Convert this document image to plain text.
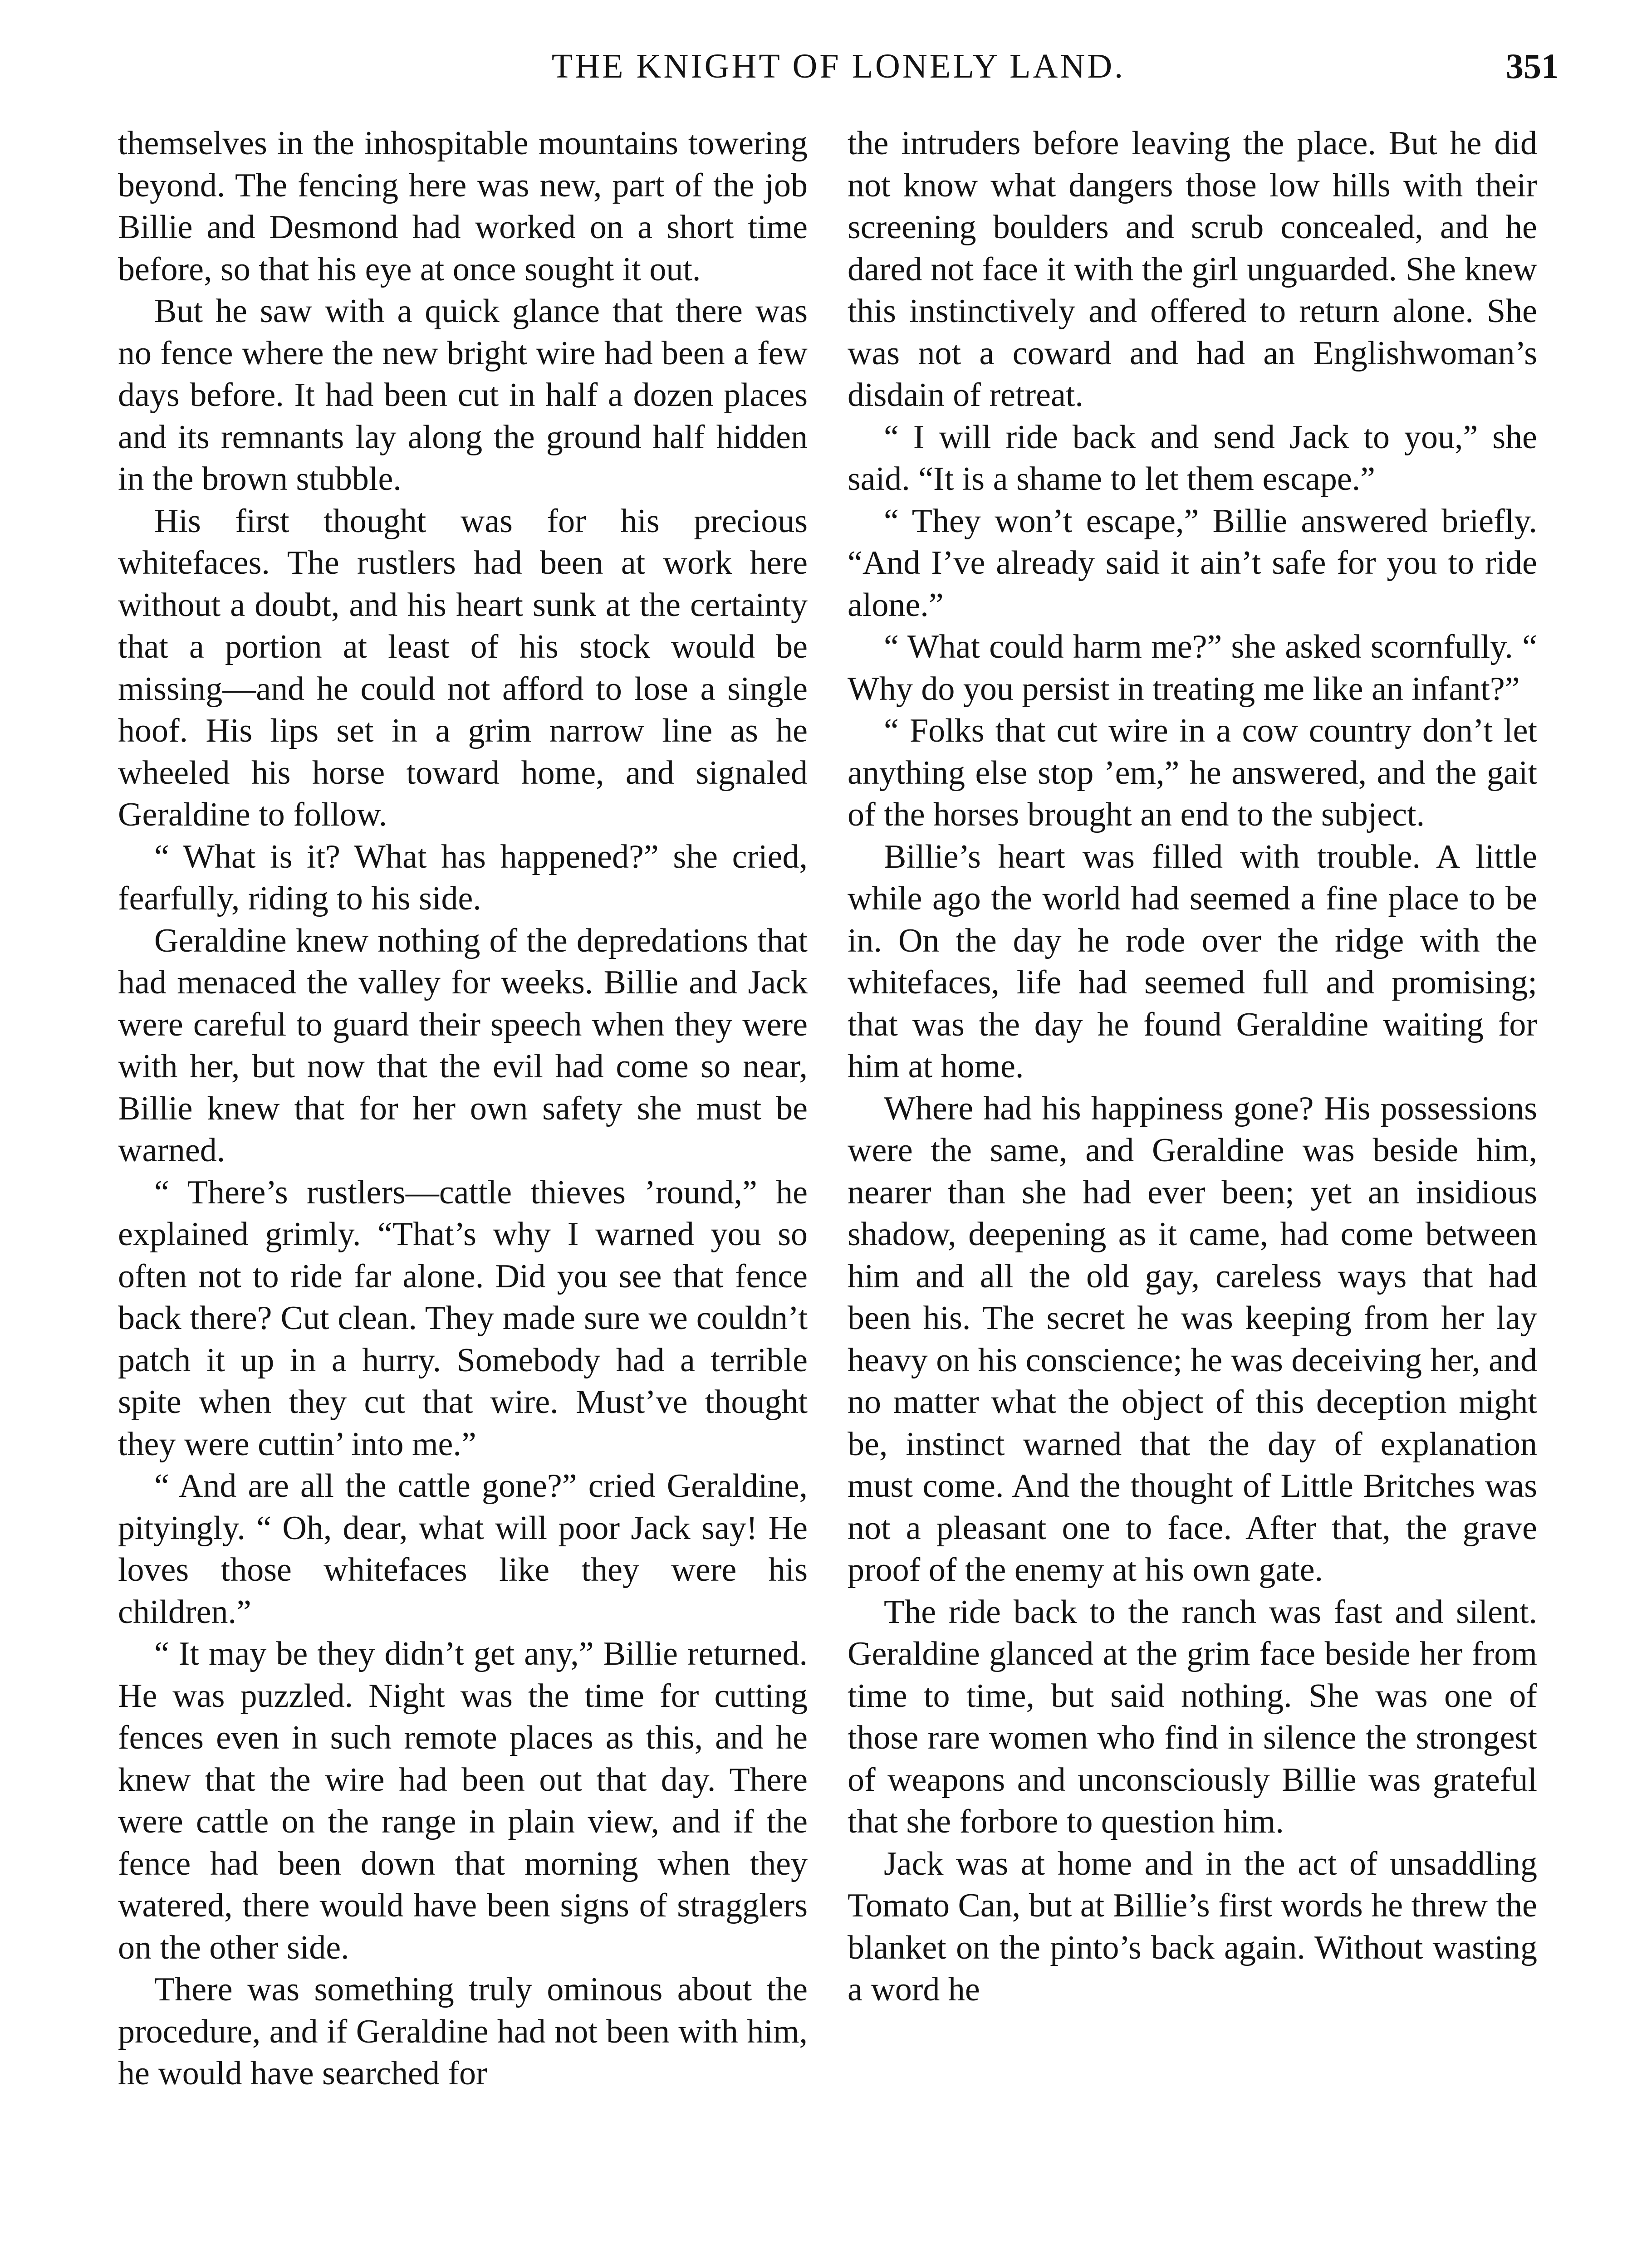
THE KNIGHT OF LONELY LAND.	351

themselves in the inhospitable mountains towering beyond. The fencing here was new, part of the job Billie and Desmond had worked on a short time before, so that his eye at once sought it out.

But he saw with a quick glance that there was no fence where the new bright wire had been a few days before. It had been cut in half a dozen places and its remnants lay along the ground half hidden in the brown stubble.

His first thought was for his precious whitefaces. The rustlers had been at work here without a doubt, and his heart sunk at the certainty that a portion at least of his stock would be missing—and he could not afford to lose a single hoof. His lips set in a grim narrow line as he wheeled his horse toward home, and signaled Geraldine to follow.

“ What is it? What has happened?” she cried, fearfully, riding to his side.

Geraldine knew nothing of the depredations that had menaced the valley for weeks. Billie and Jack were careful to guard their speech when they were with her, but now that the evil had come so near, Billie knew that for her own safety she must be warned.

“ There’s rustlers—cattle thieves ’round,” he explained grimly. “That’s why I warned you so often not to ride far alone. Did you see that fence back there? Cut clean. They made sure we couldn’t patch it up in a hurry. Somebody had a terrible spite when they cut that wire. Must’ve thought they were cuttin’ into me.”

“ And are all the cattle gone?” cried Geraldine, pityingly. “ Oh, dear, what will poor Jack say! He loves those whitefaces like they were his children.”

“ It may be they didn’t get any,” Billie returned. He was puzzled. Night was the time for cutting fences even in such remote places as this, and he knew that the wire had been out that day. There were cattle on the range in plain view, and if the fence had been down that morning when they watered, there would have been signs of stragglers on the other side.

There was something truly ominous about the procedure, and if Geraldine had not been with him, he would have searched for

the intruders before leaving the place. But he did not know what dangers those low hills with their screening boulders and scrub concealed, and he dared not face it with the girl unguarded. She knew this instinctively and offered to return alone. She was not a coward and had an Englishwoman’s disdain of retreat.

“ I will ride back and send Jack to you,” she said. “It is a shame to let them escape.”

“ They won’t escape,” Billie answered briefly. “And I’ve already said it ain’t safe for you to ride alone.”

“ What could harm me?” she asked scornfully. “ Why do you persist in treating me like an infant?”

“ Folks that cut wire in a cow country don’t let anything else stop ’em,” he answered, and the gait of the horses brought an end to the subject.

Billie’s heart was filled with trouble. A little while ago the world had seemed a fine place to be in. On the day he rode over the ridge with the whitefaces, life had seemed full and promising; that was the day he found Geraldine waiting for him at home.

Where had his happiness gone? His possessions were the same, and Geraldine was beside him, nearer than she had ever been; yet an insidious shadow, deepening as it came, had come between him and all the old gay, careless ways that had been his. The secret he was keeping from her lay heavy on his conscience; he was deceiving her, and no matter what the object of this deception might be, instinct warned that the day of explanation must come. And the thought of Little Britches was not a pleasant one to face. After that, the grave proof of the enemy at his own gate.

The ride back to the ranch was fast and silent. Geraldine glanced at the grim face beside her from time to time, but said nothing. She was one of those rare women who find in silence the strongest of weapons and unconsciously Billie was grateful that she forbore to question him.

Jack was at home and in the act of unsaddling Tomato Can, but at Billie’s first words he threw the blanket on the pinto’s back again. Without wasting a word he
